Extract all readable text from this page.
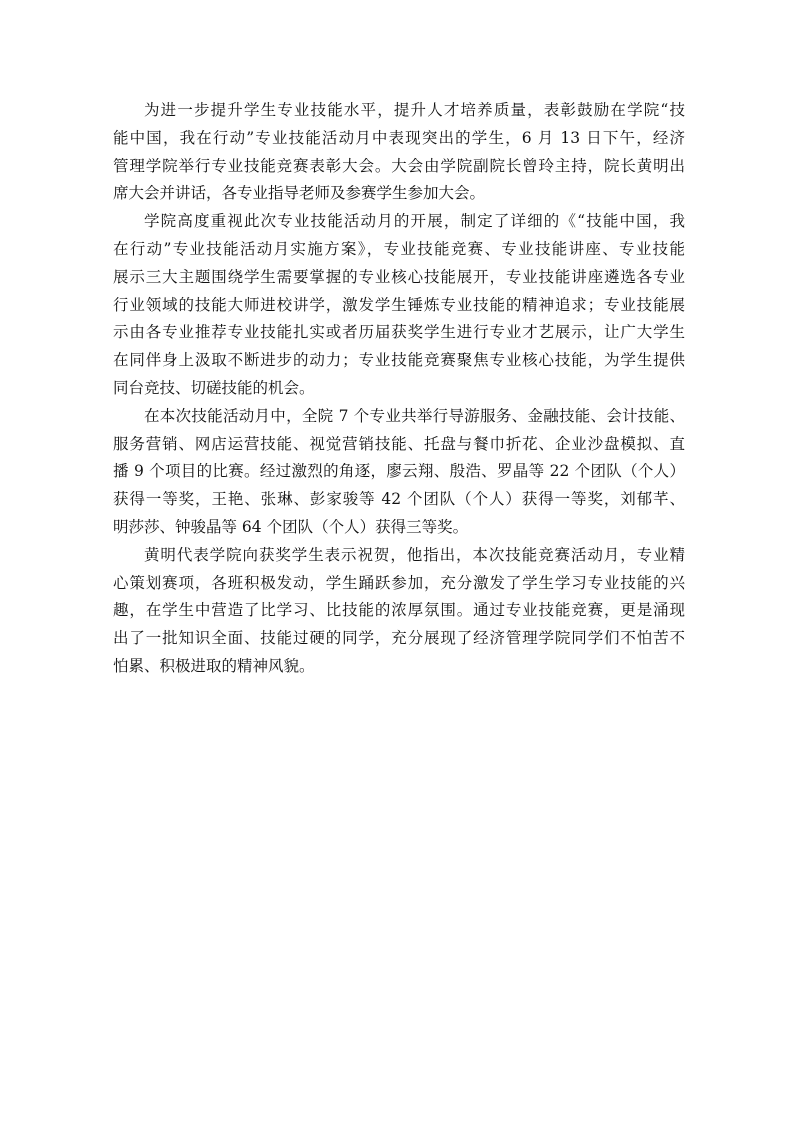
为进一步提升学生专业技能水平，提升人才培养质量，表彰鼓励在学院“技
能中国，我在行动”专业技能活动月中表现突出的学生，6 月 13 日下午，经济
管理学院举行专业技能竞赛表彰大会。大会由学院副院长曾玲主持，院长黄明出
席大会并讲话，各专业指导老师及参赛学生参加大会。

学院高度重视此次专业技能活动月的开展，制定了详细的《“技能中国，我
在行动”专业技能活动月实施方案》，专业技能竞赛、专业技能讲座、专业技能
展示三大主题围绕学生需要掌握的专业核心技能展开，专业技能讲座遴选各专业
行业领域的技能大师进校讲学，激发学生锤炼专业技能的精神追求；专业技能展
示由各专业推荐专业技能扎实或者历届获奖学生进行专业才艺展示，让广大学生
在同伴身上汲取不断进步的动力；专业技能竞赛聚焦专业核心技能，为学生提供
同台竞技、切磋技能的机会。

在本次技能活动月中，全院 7 个专业共举行导游服务、金融技能、会计技能、
服务营销、网店运营技能、视觉营销技能、托盘与餐巾折花、企业沙盘模拟、直
播 9 个项目的比赛。经过激烈的角逐，廖云翔、殷浩、罗晶等 22 个团队（个人）
获得一等奖，王艳、张琳、彭家骏等 42 个团队（个人）获得一等奖，刘郁芊、
明莎莎、钟骏晶等 64 个团队（个人）获得三等奖。

黄明代表学院向获奖学生表示祝贺，他指出，本次技能竞赛活动月，专业精
心策划赛项，各班积极发动，学生踊跃参加，充分激发了学生学习专业技能的兴
趣，在学生中营造了比学习、比技能的浓厚氛围。通过专业技能竞赛，更是涌现
出了一批知识全面、技能过硬的同学，充分展现了经济管理学院同学们不怕苦不
怕累、积极进取的精神风貌。
